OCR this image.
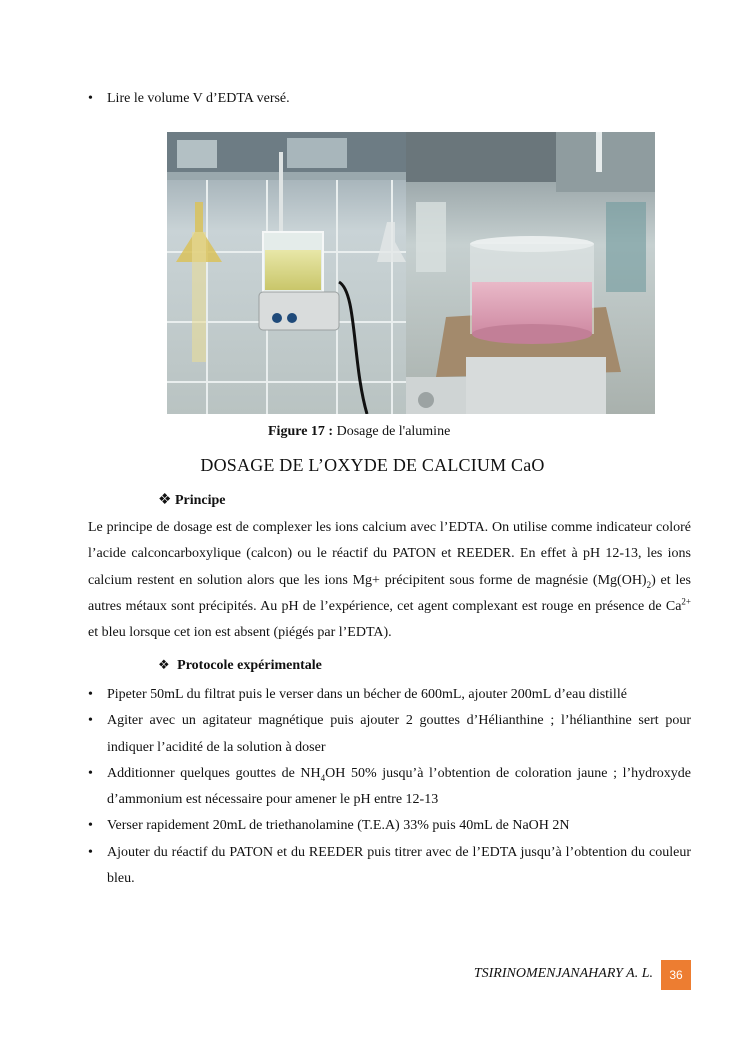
• Lire le volume V d’EDTA versé.
Figure 17 : Dosage de l'alumine
DOSAGE DE L’OXYDE DE CALCIUM CaO
❖ Principe
Le principe de dosage est de complexer les ions calcium avec l’EDTA. On utilise comme indicateur coloré l’acide calconcarboxylique (calcon) ou le réactif du PATON et REEDER. En effet à pH 12-13, les ions calcium restent en solution alors que les ions Mg+ précipitent sous forme de magnésie $(Mg(OH)_2)$ et les autres métaux sont précipités. Au pH de l’expérience, cet agent complexant est rouge en présence de $Ca^{2+}$ et bleu lorsque cet ion est absent (piégés par l’EDTA).
❖ Protocole expérimentale
• Pipeter 50mL du filtrat puis le verser dans un bécher de 600mL, ajouter 200mL d’eau distillé
• Agiter avec un agitateur magnétique puis ajouter 2 gouttes d’Hélianthine ; l’hélianthine sert pour indiquer l’acidité de la solution à doser
• Additionner quelques gouttes de $NH_4OH$ 50% jusqu’à l’obtention de coloration jaune ; l’hydroxyde d’ammonium est nécessaire pour amener le pH entre 12-13
• Verser rapidement 20mL de triethanolamine (T.E.A) 33% puis 40mL de NaOH 2N
• Ajouter du réactif du PATON et du REEDER puis titrer avec de l’EDTA jusqu’à l’obtention du couleur bleu.
TSIRINOMENJANAHARY A. L.	36
